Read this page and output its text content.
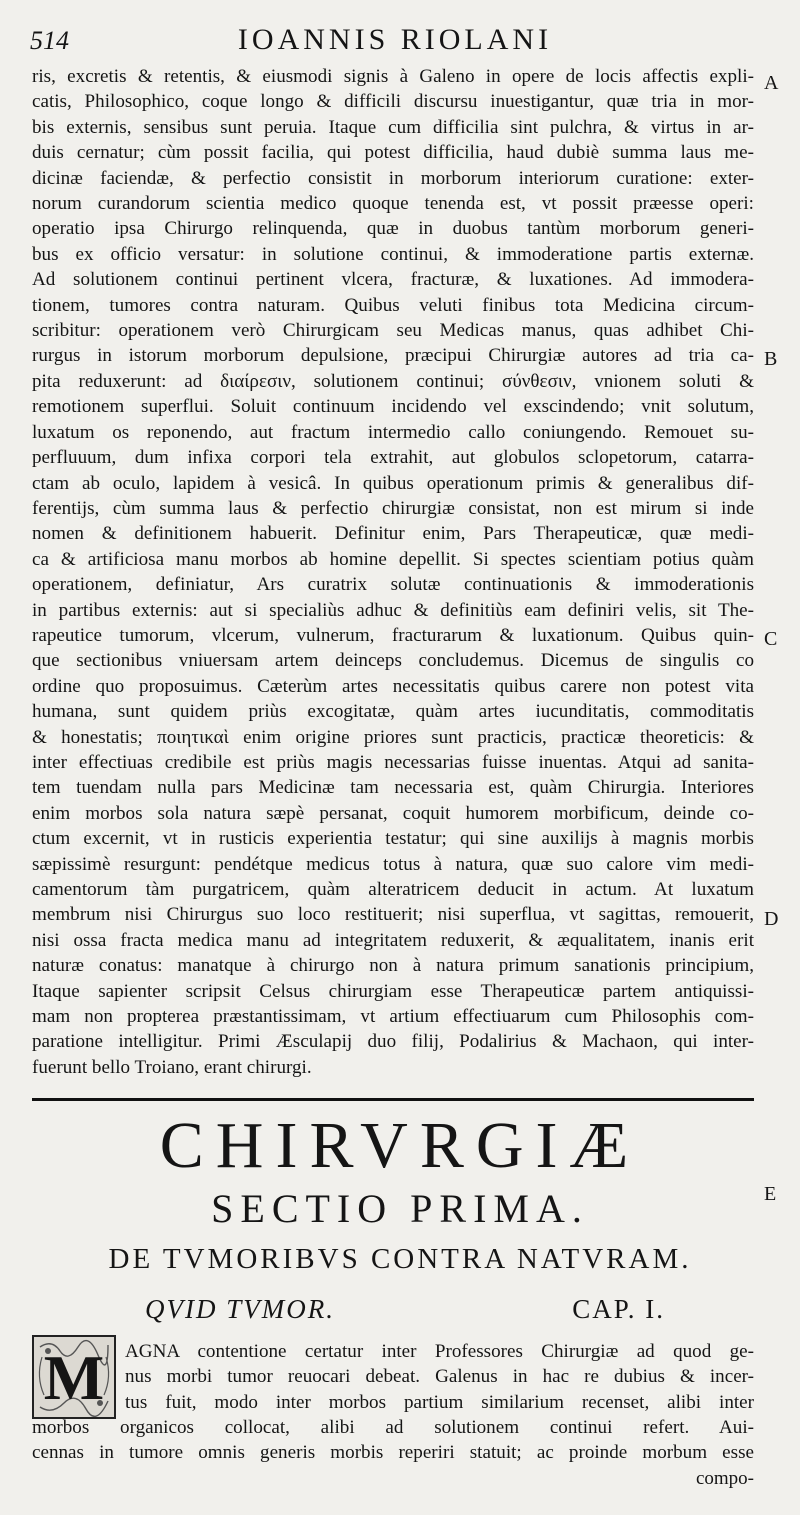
514	IOANNIS RIOLANI
A
B
C
D
E
ris, excretis & retentis, & eiusmodi signis à Galeno in opere de locis affectis expli-
catis, Philosophico, coque longo & difficili discursu inuestigantur, quæ tria in mor-
bis externis, sensibus sunt peruia. Itaque cum difficilia sint pulchra, & virtus in ar-
duis cernatur; cùm possit facilia, qui potest difficilia, haud dubiè summa laus me-
dicinæ faciendæ, & perfectio consistit in morborum interiorum curatione: exter-
norum curandorum scientia medico quoque tenenda est, vt possit præesse operi:
operatio ipsa Chirurgo relinquenda, quæ in duobus tantùm morborum generi-
bus ex officio versatur: in solutione continui, & immoderatione partis externæ.
Ad solutionem continui pertinent vlcera, fracturæ, & luxationes. Ad immodera-
tionem, tumores contra naturam. Quibus veluti finibus tota Medicina circum-
scribitur: operationem verò Chirurgicam seu Medicas manus, quas adhibet Chi-
rurgus in istorum morborum depulsione, præcipui Chirurgiæ autores ad tria ca-
pita reduxerunt: ad διαίρεσιν, solutionem continui; σύνθεσιν, vnionem soluti &
remotionem superflui. Soluit continuum incidendo vel exscindendo; vnit solutum,
luxatum os reponendo, aut fractum intermedio callo coniungendo. Remouet su-
perfluuum, dum infixa corpori tela extrahit, aut globulos sclopetorum, catarra-
ctam ab oculo, lapidem à vesicâ. In quibus operationum primis & generalibus dif-
ferentijs, cùm summa laus & perfectio chirurgiæ consistat, non est mirum si inde
nomen & definitionem habuerit. Definitur enim, Pars Therapeuticæ, quæ medi-
ca & artificiosa manu morbos ab homine depellit. Si spectes scientiam potius quàm
operationem, definiatur, Ars curatrix solutæ continuationis & immoderationis
in partibus externis: aut si specialiùs adhuc & definitiùs eam definiri velis, sit The-
rapeutice tumorum, vlcerum, vulnerum, fracturarum & luxationum. Quibus quin-
que sectionibus vniuersam artem deinceps concludemus. Dicemus de singulis co
ordine quo proposuimus. Cæterùm artes necessitatis quibus carere non potest vita
humana, sunt quidem priùs excogitatæ, quàm artes iucunditatis, commoditatis
& honestatis; ποιητικαὶ enim origine priores sunt practicis, practicæ theoreticis: &
inter effectiuas credibile est priùs magis necessarias fuisse inuentas. Atqui ad sanita-
tem tuendam nulla pars Medicinæ tam necessaria est, quàm Chirurgia. Interiores
enim morbos sola natura sæpè persanat, coquit humorem morbificum, deinde co-
ctum excernit, vt in rusticis experientia testatur; qui sine auxilijs à magnis morbis
sæpissimè resurgunt: pendétque medicus totus à natura, quæ suo calore vim medi-
camentorum tàm purgatricem, quàm alteratricem deducit in actum. At luxatum
membrum nisi Chirurgus suo loco restituerit; nisi superflua, vt sagittas, remouerit,
nisi ossa fracta medica manu ad integritatem reduxerit, & æqualitatem, inanis erit
naturæ conatus: manatque à chirurgo non à natura primum sanationis principium,
Itaque sapienter scripsit Celsus chirurgiam esse Therapeuticæ partem antiquissi-
mam non propterea præstantissimam, vt artium effectiuarum cum Philosophis com-
paratione intelligitur. Primi Æsculapij duo filij, Podalirius & Machaon, qui inter-
fuerunt bello Troiano, erant chirurgi.
CHIRVRGIÆ
SECTIO PRIMA.
DE TVMORIBVS CONTRA NATVRAM.
QVID TVMOR.	CAP. I.
M	AGNA contentione certatur inter Professores Chirurgiæ ad quod ge-
nus morbi tumor reuocari debeat. Galenus in hac re dubius & incer-
tus fuit, modo inter morbos partium similarium recenset, alibi inter
morbos organicos collocat, alibi ad solutionem continui refert. Aui-
cennas in tumore omnis generis morbis reperiri statuit; ac proinde morbum esse
compo-
